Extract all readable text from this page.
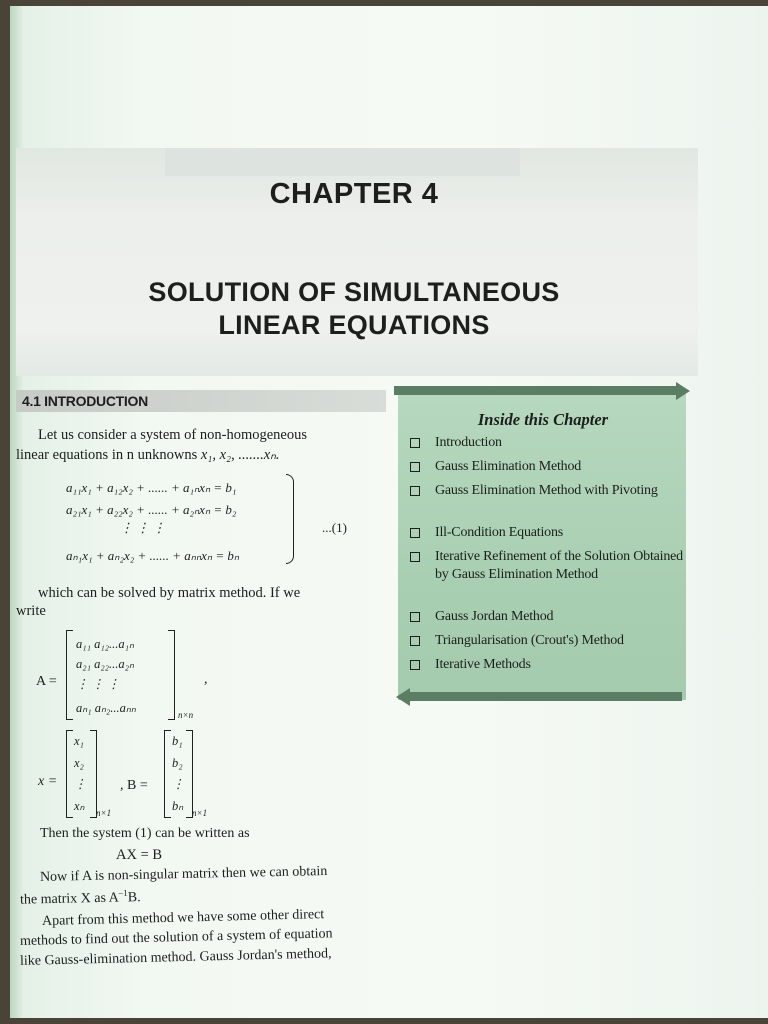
CHAPTER 4
SOLUTION OF SIMULTANEOUS
LINEAR EQUATIONS
4.1 INTRODUCTION
Let us consider a system of non-homogeneous
linear equations in n unknowns x₁, x₂, .......xₙ.
a₁₁x₁ + a₁₂x₂ + ...... + a₁ₙxₙ = b₁
a₂₁x₁ + a₂₂x₂ + ...... + a₂ₙxₙ = b₂
⋮ ⋮ ⋮
aₙ₁x₁ + aₙ₂x₂ + ...... + aₙₙxₙ = bₙ
...(1)
which can be solved by matrix method. If we
write
A =
a₁₁ a₁₂...a₁ₙ
a₂₁ a₂₂...a₂ₙ
⋮ ⋮ ⋮
aₙ₁ aₙ₂...aₙₙ	n×n
,
x =
x₁
x₂
⋮
xₙ n×1
, B =
b₁
b₂
⋮
bₙ n×1
Then the system (1) can be written as
AX = B
Now if A is non-singular matrix then we can obtain
the matrix X as $A^{-1}B$.
Apart from this method we have some other direct
methods to find out the solution of a system of equation
like Gauss-elimination method. Gauss Jordan's method,
Inside this Chapter
Introduction
Gauss Elimination Method
Gauss Elimination Method with Pivoting
Ill-Condition Equations
Iterative Refinement of the Solution Obtained by Gauss Elimination Method
Gauss Jordan Method
Triangularisation (Crout's) Method
Iterative Methods
